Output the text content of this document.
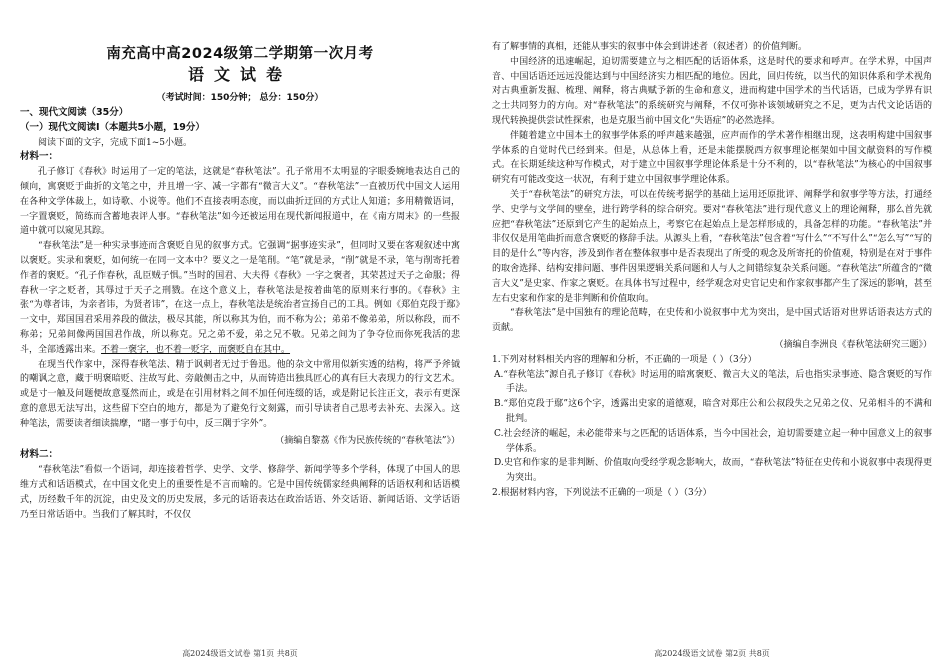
南充高中高2024级第二学期第一次月考
语文试卷
（考试时间：150分钟； 总分：150分）
一、现代文阅读（35分）
（一）现代文阅读Ⅰ（本题共5小题，19分）

阅读下面的文字，完成下面1~5小题。

材料一：

孔子修订《春秋》时运用了一定的笔法，这就是“春秋笔法”。孔子常用不太明显的字眼委婉地表达自己的倾向，寓褒贬于曲折的文笔之中，并且增一字、减一字都有“微言大义”。“春秋笔法”一直被历代中国文人运用在各种文学体裁上，如诗歌、小说等。他们不直接表明态度，而以曲折迂回的方式让人知道；多用精微语词，一字置褒贬，简练而含蓄地表评人事。“春秋笔法”如今还被运用在现代新闻报道中，在《南方周末》的一些报道中就可以窥见其踪。

“春秋笔法”是一种实录事迹而含褒贬自见的叙事方式。它强调“据事迹实录”，但同时又要在客观叙述中寓以褒贬。实录和褒贬，如何统一在同一文本中？要义之一是笔削。“笔”就是录，“削”就是不录，笔与削寄托着作者的褒贬。“孔子作春秋，乱臣贼子惧。”当时的国君、大夫得《春秋》一字之褒者，其荣甚过天子之命服；得春秋一字之贬者，其辱过于天子之刑戮。在这个意义上，春秋笔法是按着曲笔的原则来行事的。《春秋》主张“为尊者讳，为亲者讳，为贤者讳”，在这一点上，春秋笔法是统治者宣扬自己的工具。例如《郑伯克段于鄢》一文中，郑国国君采用养段的做法，极尽其能，所以称其为伯，而不称为公；弟弟不像弟弟，所以称段，而不称弟；兄弟间像两国国君作战，所以称克。兄之弟不爱，弟之兄不敬。兄弟之间为了争夺位而你死我活的悲斗，全部透露出来。不着一褒字，也不着一贬字，而褒贬自在其中。

在现当代作家中，深得春秋笔法、精于讽刺者无过于鲁迅。他的杂文中常用似新实透的结构，将严予斧钺的嘲讽之意，藏于明褒暗贬、注故写此、旁敲侧击之中，从而铸造出独具匠心的真有巨大表现力的行文艺术。或是寸一触及问题便故意戛然而止，或是在引用材料之间不加任何连缀的话，或是附记长注正文，表示有更深意的意思无法写出，这些留下空白的地方，都是为了避免行文刻露，而引导读者自己思考去补充、去深入。这种笔法，需要读者细读揣摩，“睹一事于句中，反三隅于字外”。

（摘编自黎荔《作为民族传统的“春秋笔法”》）

材料二：

“春秋笔法”看似一个语词，却连接着哲学、史学、文学、修辞学、新闻学等多个学科，体现了中国人的思维方式和话语模式，在中国文化史上的重要性是不言而喻的。它是中国传统儒家经典阐释的话语权利和话语模式，历经数千年的沉淀，由史及文的历史发展，多元的话语表达在政治话语、外交话语、新闻话语、文学话语乃至日常话语中。当我们了解其时，不仅仅

高2024级语文试卷 第1页 共8页

有了解事情的真相，还能从事实的叙事中体会到讲述者（叙述者）的价值判断。

中国经济的迅速崛起，迫切需要建立与之相匹配的话语体系，这是时代的要求和呼声。在学术界，中国声音、中国话语还远远没能达到与中国经济实力相匹配的地位。因此，回归传统，以当代的知识体系和学术视角对古典重新发掘、梳理、阐释，将古典赋予新的生命和意义，进而构建中国学术的当代话语，已成为学界有识之士共同努力的方向。对“春秋笔法”的系统研究与阐释，不仅可弥补该领域研究之不足，更为古代文论话语的现代转换提供尝试性探索，也是克服当前中国文化“失语症”的必然选择。

伴随着建立中国本土的叙事学体系的呼声越来越强，应声而作的学术著作相继出现，这表明构建中国叙事学体系的自觉时代已经到来。但是，从总体上看，还是未能摆脱西方叙事理论框架如中国文献资料的写作模式。在长期延续这种写作模式，对于建立中国叙事学理论体系是十分不利的，以“春秋笔法”为核心的中国叙事研究有可能改变这一状况，有利于建立中国叙事学理论体系。

关于“春秋笔法”的研究方法，可以在传统考据学的基础上运用还原批评、阐释学和叙事学等方法，打通经学、史学与文学间的壁垒，进行跨学科的综合研究。要对“春秋笔法”进行现代意义上的理论阐释，那么首先就应把“春秋笔法”还原到它产生的起始点上，考察它在起始点上是怎样形成的，具备怎样的功能。“春秋笔法”并非仅仅是用笔曲折而意含褒贬的修辞手法。从源头上看，“春秋笔法”包含着“写什么”“不写什么”“怎么写”“写的目的是什么”等内容，涉及到作者在整体叙事中是否表现出了所受的观念及所寄托的价值观，特别是在对于事件的取舍选择、结构安排问题、事件因果逻辑关系问题和人与人之间错综复杂关系问题。“春秋笔法”所蕴含的“微言大义”是史家、作家之褒贬。在具体书写过程中，经学观念对史官记史和作家叙事都产生了深远的影响，甚至左右史家和作家的是非判断和价值取向。

“春秋笔法”是中国独有的理论范畴，在史传和小说叙事中尤为突出，是中国式话语对世界话语表达方式的贡献。

（摘编自李洲良《春秋笔法研究三题》）

1.下列对材料相关内容的理解和分析，不正确的一项是（ ）（3分）

A.“春秋笔法”源自孔子修订《春秋》时运用的暗寓褒贬、微言大义的笔法，后也指实录事迹、隐含褒贬的写作手法。

B.“郑伯克段于鄢”这6个字，透露出史家的道德观，暗含对郑庄公和公叔段失之兄弟之仪、兄弟相斗的不满和批判。

C.社会经济的崛起，未必能带来与之匹配的话语体系，当今中国社会，迫切需要建立起一种中国意义上的叙事学体系。

D.史官和作家的是非判断、价值取向受经学观念影响大，故而，“春秋笔法”特征在史传和小说叙事中表现得更为突出。

2.根据材料内容，下列说法不正确的一项是（ ）（3分）

高2024级语文试卷 第2页 共8页
